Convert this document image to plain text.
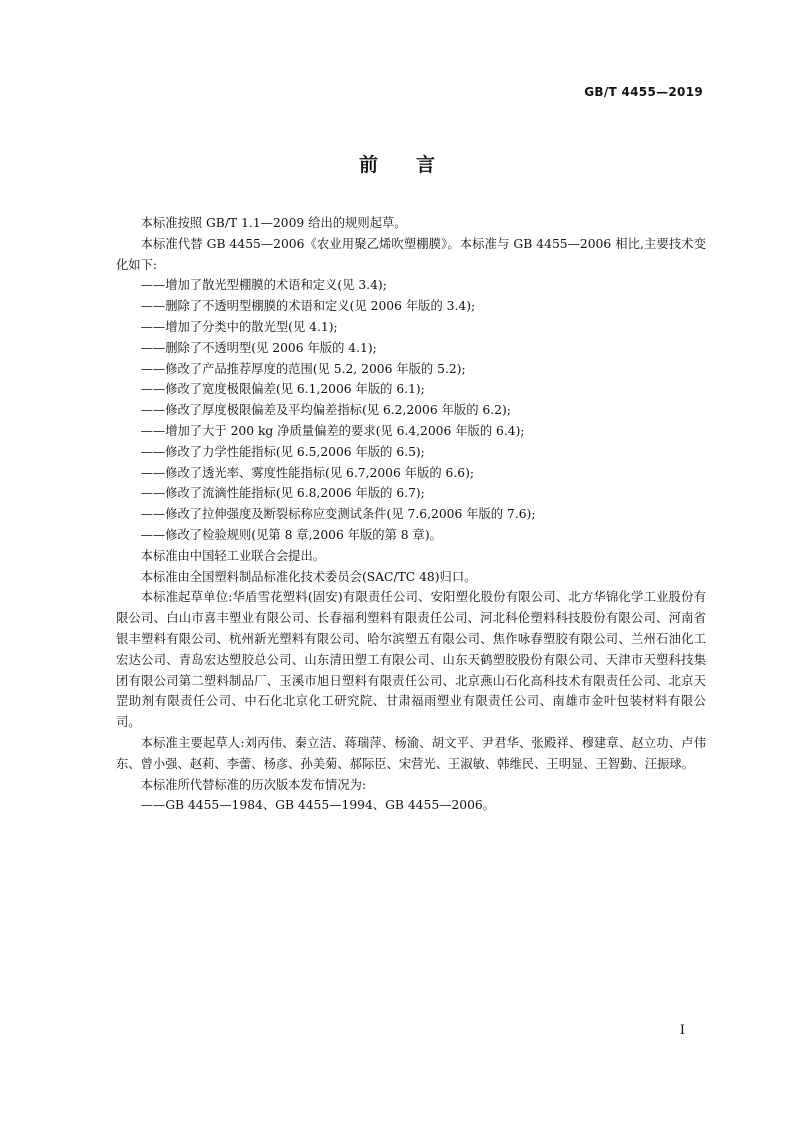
GB/T 4455—2019
前言

本标准按照 GB/T 1.1—2009 给出的规则起草。

本标准代替 GB 4455—2006《农业用聚乙烯吹塑棚膜》。本标准与 GB 4455—2006 相比,主要技术变化如下:

——增加了散光型棚膜的术语和定义(见 3.4);

——删除了不透明型棚膜的术语和定义(见 2006 年版的 3.4);

——增加了分类中的散光型(见 4.1);

——删除了不透明型(见 2006 年版的 4.1);

——修改了产品推荐厚度的范围(见 5.2, 2006 年版的 5.2);

——修改了宽度极限偏差(见 6.1,2006 年版的 6.1);

——修改了厚度极限偏差及平均偏差指标(见 6.2,2006 年版的 6.2);

——增加了大于 200 kg 净质量偏差的要求(见 6.4,2006 年版的 6.4);

——修改了力学性能指标(见 6.5,2006 年版的 6.5);

——修改了透光率、雾度性能指标(见 6.7,2006 年版的 6.6);

——修改了流滴性能指标(见 6.8,2006 年版的 6.7);

——修改了拉伸强度及断裂标称应变测试条件(见 7.6,2006 年版的 7.6);

——修改了检验规则(见第 8 章,2006 年版的第 8 章)。

本标准由中国轻工业联合会提出。

本标准由全国塑料制品标准化技术委员会(SAC/TC 48)归口。

本标准起草单位:华盾雪花塑料(固安)有限责任公司、安阳塑化股份有限公司、北方华锦化学工业股份有限公司、白山市喜丰塑业有限公司、长春福利塑料有限责任公司、河北科伦塑料科技股份有限公司、河南省银丰塑料有限公司、杭州新光塑料有限公司、哈尔滨塑五有限公司、焦作咏春塑胶有限公司、兰州石油化工宏达公司、青岛宏达塑胶总公司、山东清田塑工有限公司、山东天鹤塑胶股份有限公司、天津市天塑科技集团有限公司第二塑料制品厂、玉溪市旭日塑料有限责任公司、北京燕山石化高科技术有限责任公司、北京天罡助剂有限责任公司、中石化北京化工研究院、甘肃福雨塑业有限责任公司、南雄市金叶包装材料有限公司。

本标准主要起草人:刘丙伟、秦立洁、蒋瑞萍、杨渝、胡文平、尹君华、张殿祥、穆建章、赵立功、卢伟东、曾小强、赵莉、李蕾、杨彦、孙美菊、郝际臣、宋营光、王淑敏、韩维民、王明显、王智勤、汪振球。

本标准所代替标准的历次版本发布情况为:

——GB 4455—1984、GB 4455—1994、GB 4455—2006。

I
